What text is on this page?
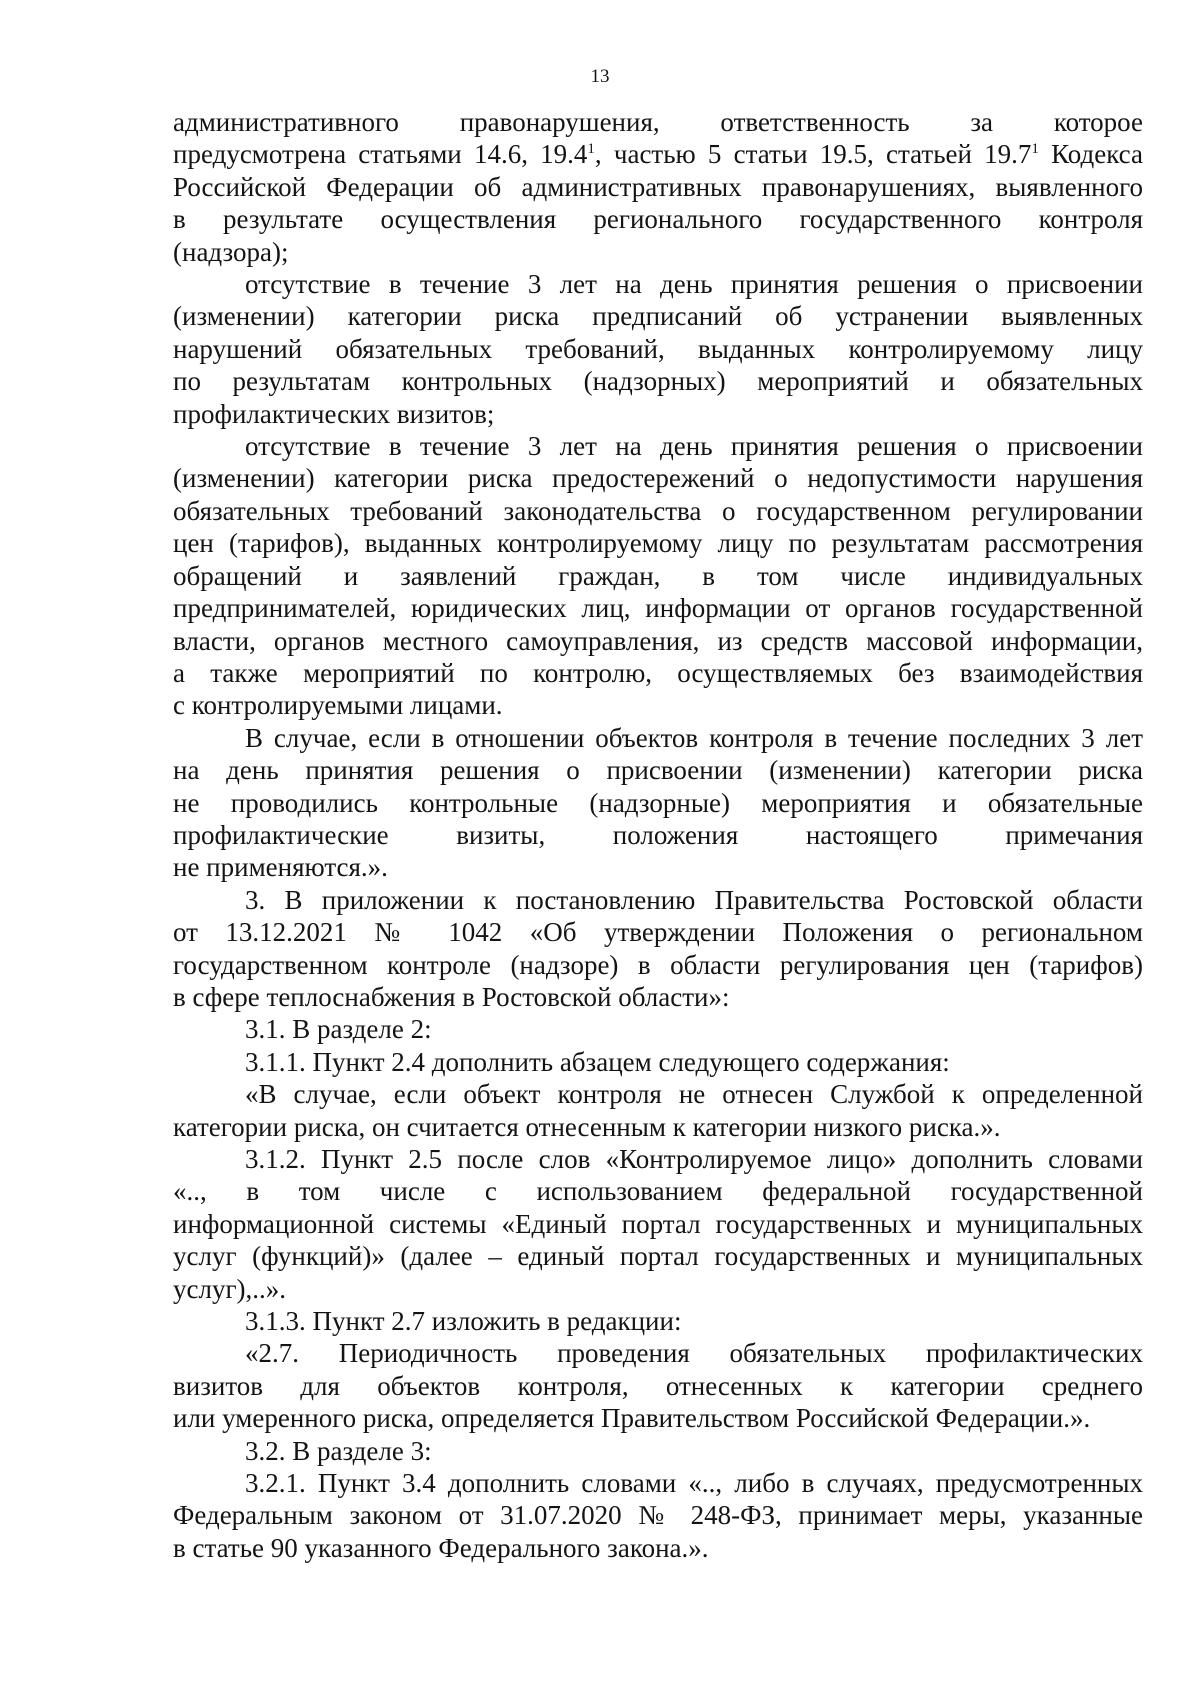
13

административного правонарушения, ответственность за которое
предусмотрена статьями 14.6, 19.4$^1$, частью 5 статьи 19.5, статьей 19.7$^1$ Кодекса
Российской Федерации об административных правонарушениях, выявленного
в результате осуществления регионального государственного контроля
(надзора);

отсутствие в течение 3 лет на день принятия решения о присвоении
(изменении) категории риска предписаний об устранении выявленных
нарушений обязательных требований, выданных контролируемому лицу
по результатам контрольных (надзорных) мероприятий и обязательных
профилактических визитов;

отсутствие в течение 3 лет на день принятия решения о присвоении
(изменении) категории риска предостережений о недопустимости нарушения
обязательных требований законодательства о государственном регулировании
цен (тарифов), выданных контролируемому лицу по результатам рассмотрения
обращений и заявлений граждан, в том числе индивидуальных
предпринимателей, юридических лиц, информации от органов государственной
власти, органов местного самоуправления, из средств массовой информации,
а также мероприятий по контролю, осуществляемых без взаимодействия
с контролируемыми лицами.

В случае, если в отношении объектов контроля в течение последних 3 лет
на день принятия решения о присвоении (изменении) категории риска
не проводились контрольные (надзорные) мероприятия и обязательные
профилактические визиты, положения настоящего примечания
не применяются.».

3. В приложении к постановлению Правительства Ростовской области
от 13.12.2021 № 1042 «Об утверждении Положения о региональном
государственном контроле (надзоре) в области регулирования цен (тарифов)
в сфере теплоснабжения в Ростовской области»:

3.1. В разделе 2:

3.1.1. Пункт 2.4 дополнить абзацем следующего содержания:

«В случае, если объект контроля не отнесен Службой к определенной
категории риска, он считается отнесенным к категории низкого риска.».

3.1.2. Пункт 2.5 после слов «Контролируемое лицо» дополнить словами
«.., в том числе с использованием федеральной государственной
информационной системы «Единый портал государственных и муниципальных
услуг (функций)» (далее – единый портал государственных и муниципальных
услуг),..».

3.1.3. Пункт 2.7 изложить в редакции:

«2.7. Периодичность проведения обязательных профилактических
визитов для объектов контроля, отнесенных к категории среднего
или умеренного риска, определяется Правительством Российской Федерации.».

3.2. В разделе 3:

3.2.1. Пункт 3.4 дополнить словами «.., либо в случаях, предусмотренных
Федеральным законом от 31.07.2020 № 248-ФЗ, принимает меры, указанные
в статье 90 указанного Федерального закона.».
